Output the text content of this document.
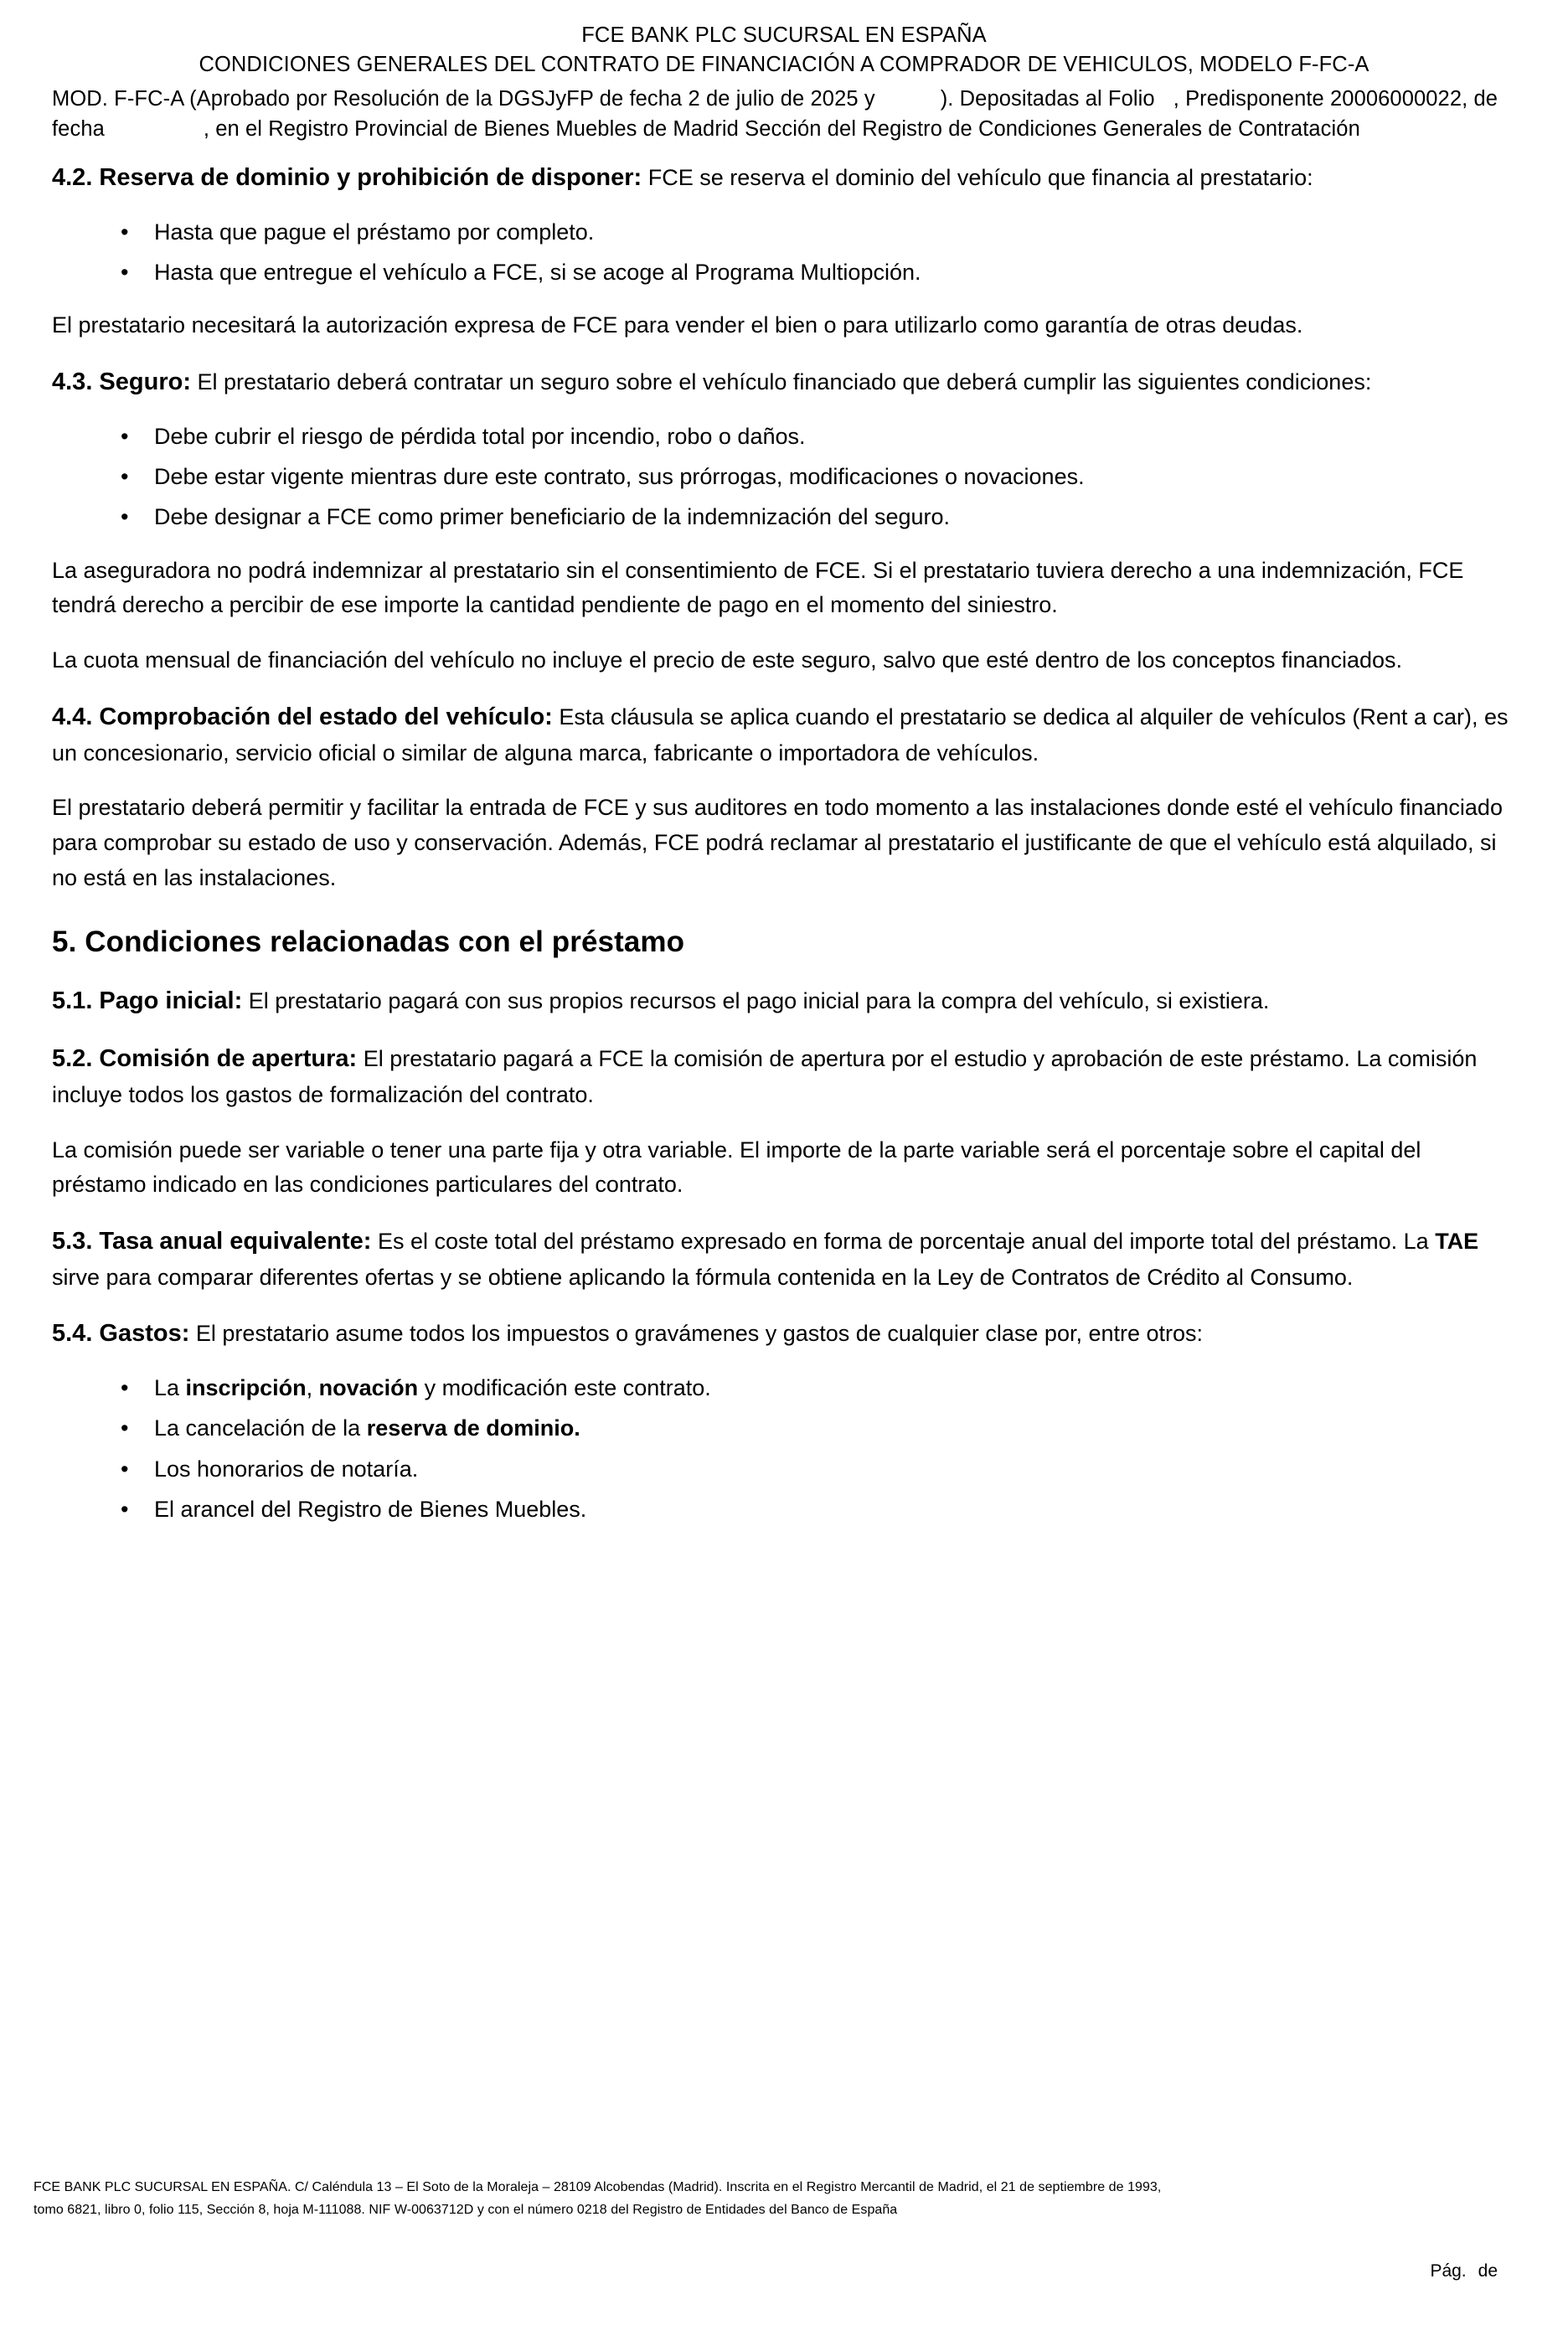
FCE BANK PLC SUCURSAL EN ESPAÑA
CONDICIONES GENERALES DEL CONTRATO DE FINANCIACIÓN A COMPRADOR DE VEHICULOS, MODELO F-FC-A
MOD. F-FC-A (Aprobado por Resolución de la DGSJyFP de fecha 2 de julio de 2025 y	). Depositadas al Folio , Predisponente 20006000022, de fecha	, en el Registro Provincial de Bienes Muebles de Madrid Sección del Registro de Condiciones Generales de Contratación

4.2. Reserva de dominio y prohibición de disponer: FCE se reserva el dominio del vehículo que financia al prestatario:

• Hasta que pague el préstamo por completo.
• Hasta que entregue el vehículo a FCE, si se acoge al Programa Multiopción.

El prestatario necesitará la autorización expresa de FCE para vender el bien o para utilizarlo como garantía de otras deudas.

4.3. Seguro: El prestatario deberá contratar un seguro sobre el vehículo financiado que deberá cumplir las siguientes condiciones:

• Debe cubrir el riesgo de pérdida total por incendio, robo o daños.
• Debe estar vigente mientras dure este contrato, sus prórrogas, modificaciones o novaciones.
• Debe designar a FCE como primer beneficiario de la indemnización del seguro.

La aseguradora no podrá indemnizar al prestatario sin el consentimiento de FCE. Si el prestatario tuviera derecho a una indemnización, FCE tendrá derecho a percibir de ese importe la cantidad pendiente de pago en el momento del siniestro.

La cuota mensual de financiación del vehículo no incluye el precio de este seguro, salvo que esté dentro de los conceptos financiados.

4.4. Comprobación del estado del vehículo: Esta cláusula se aplica cuando el prestatario se dedica al alquiler de vehículos (Rent a car), es un concesionario, servicio oficial o similar de alguna marca, fabricante o importadora de vehículos.

El prestatario deberá permitir y facilitar la entrada de FCE y sus auditores en todo momento a las instalaciones donde esté el vehículo financiado para comprobar su estado de uso y conservación. Además, FCE podrá reclamar al prestatario el justificante de que el vehículo está alquilado, si no está en las instalaciones.

5. Condiciones relacionadas con el préstamo

5.1. Pago inicial: El prestatario pagará con sus propios recursos el pago inicial para la compra del vehículo, si existiera.

5.2. Comisión de apertura: El prestatario pagará a FCE la comisión de apertura por el estudio y aprobación de este préstamo. La comisión incluye todos los gastos de formalización del contrato.

La comisión puede ser variable o tener una parte fija y otra variable. El importe de la parte variable será el porcentaje sobre el capital del préstamo indicado en las condiciones particulares del contrato.

5.3. Tasa anual equivalente: Es el coste total del préstamo expresado en forma de porcentaje anual del importe total del préstamo. La TAE sirve para comparar diferentes ofertas y se obtiene aplicando la fórmula contenida en la Ley de Contratos de Crédito al Consumo.

5.4. Gastos: El prestatario asume todos los impuestos o gravámenes y gastos de cualquier clase por, entre otros:

• La inscripción, novación y modificación este contrato.
• La cancelación de la reserva de dominio.
• Los honorarios de notaría.
• El arancel del Registro de Bienes Muebles.
FCE BANK PLC SUCURSAL EN ESPAÑA. C/ Caléndula 13 – El Soto de la Moraleja – 28109 Alcobendas (Madrid). Inscrita en el Registro Mercantil de Madrid, el 21 de septiembre de 1993,
tomo 6821, libro 0, folio 115, Sección 8, hoja M-111088. NIF W-0063712D y con el número 0218 del Registro de Entidades del Banco de España
Pág. de
